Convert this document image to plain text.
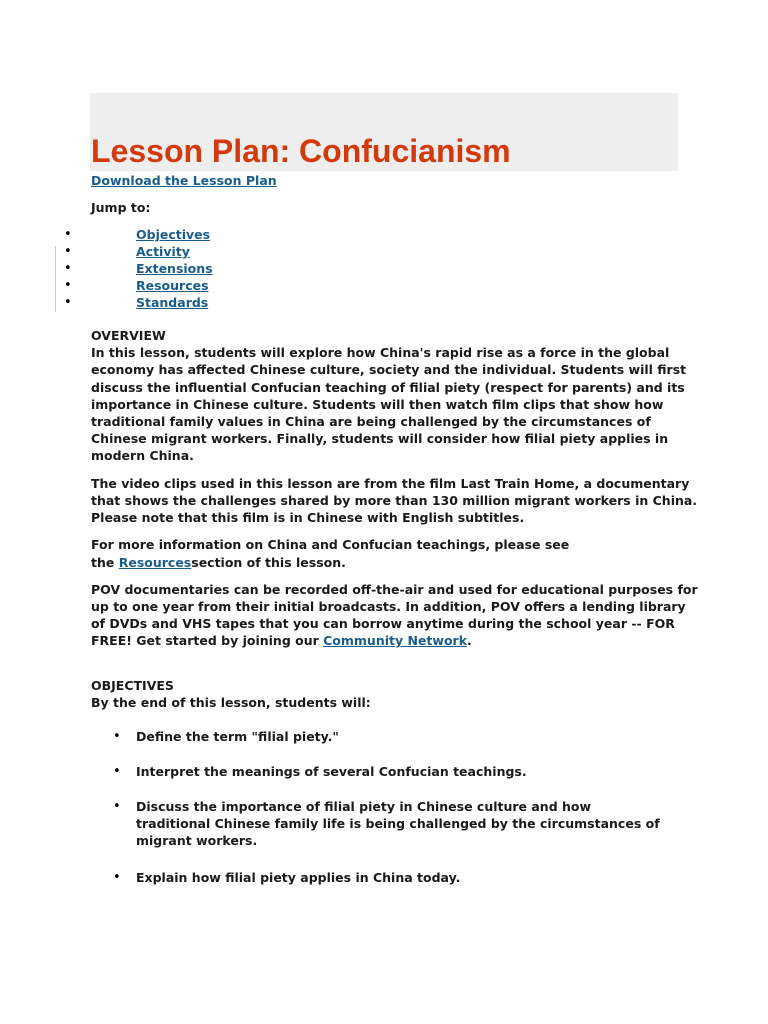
Lesson Plan: Confucianism
Download the Lesson Plan
Jump to:
•	Objectives
•	Activity
•	Extensions
•	Resources
•	Standards
OVERVIEW
In this lesson, students will explore how China's rapid rise as a force in the global
economy has affected Chinese culture, society and the individual. Students will first
discuss the influential Confucian teaching of filial piety (respect for parents) and its
importance in Chinese culture. Students will then watch film clips that show how
traditional family values in China are being challenged by the circumstances of
Chinese migrant workers. Finally, students will consider how filial piety applies in
modern China.
The video clips used in this lesson are from the film Last Train Home, a documentary
that shows the challenges shared by more than 130 million migrant workers in China.
Please note that this film is in Chinese with English subtitles.
For more information on China and Confucian teachings, please see
the Resourcessection of this lesson.
POV documentaries can be recorded off-the-air and used for educational purposes for
up to one year from their initial broadcasts. In addition, POV offers a lending library
of DVDs and VHS tapes that you can borrow anytime during the school year -- FOR
FREE! Get started by joining our Community Network.
OBJECTIVES
By the end of this lesson, students will:
• Define the term "filial piety."
• Interpret the meanings of several Confucian teachings.
• Discuss the importance of filial piety in Chinese culture and how traditional Chinese family life is being challenged by the circumstances of migrant workers.
• Explain how filial piety applies in China today.
